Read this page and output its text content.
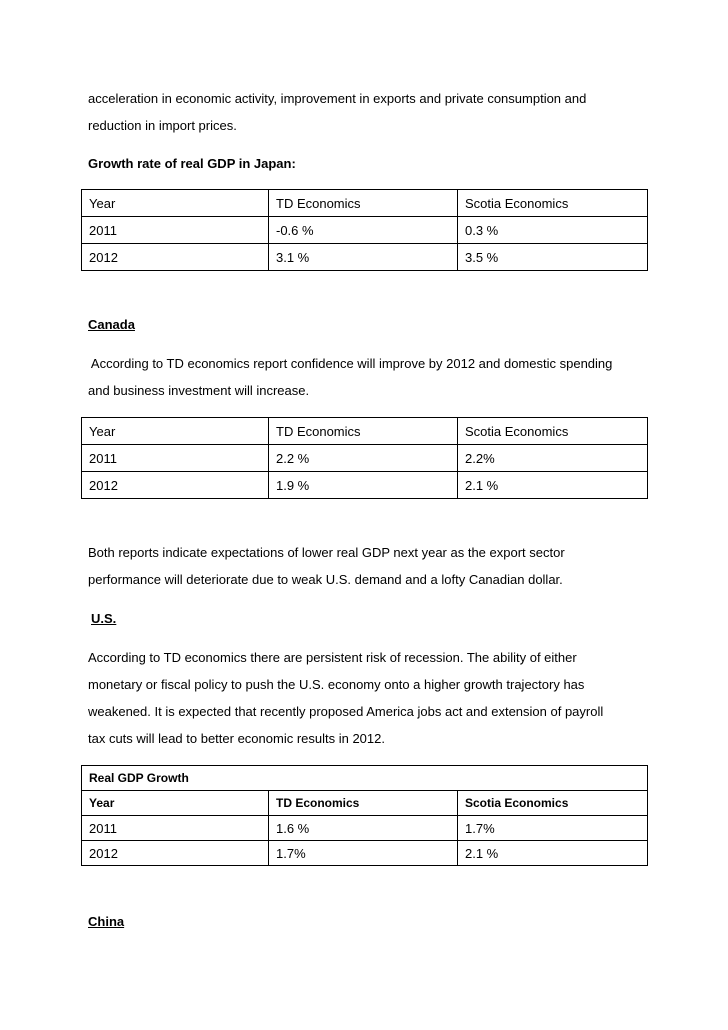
acceleration in economic activity, improvement in exports and private consumption and
reduction in import prices.

Growth rate of real GDP in Japan:

Year	TD Economics	Scotia Economics
2011	-0.6 %	0.3 %
2012	3.1 %	3.5 %

Canada

According to TD economics report confidence will improve by 2012 and domestic spending
and business investment will increase.

Year	TD Economics	Scotia Economics
2011	2.2 %	2.2%
2012	1.9 %	2.1 %

Both reports indicate expectations of lower real GDP next year as the export sector
performance will deteriorate due to weak U.S. demand and a lofty Canadian dollar.

U.S.

According to TD economics there are persistent risk of recession. The ability of either
monetary or fiscal policy to push the U.S. economy onto a higher growth trajectory has
weakened. It is expected that recently proposed America jobs act and extension of payroll
tax cuts will lead to better economic results in 2012.

Real GDP Growth		
Year	TD Economics	Scotia Economics
2011	1.6 %	1.7%
2012	1.7%	2.1 %

China
